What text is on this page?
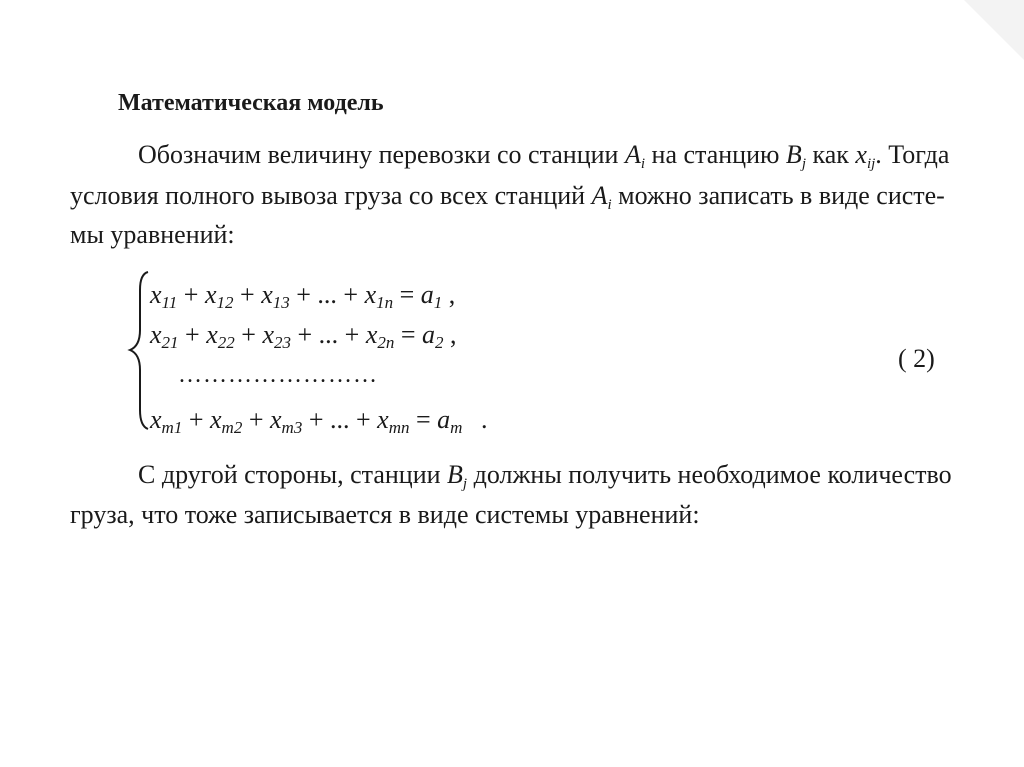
Математическая модель
Обозначим величину перевозки со станции $A_i$ на станцию $B_j$ как $x_{ij}$. Тогда
условия полного вывоза груза со всех станций $A_i$ можно записать в виде систе-
мы уравнений:
$x_{11} + x_{12} + x_{13}$ + ... + $x_{1n} = a_1$ ,
$x_{21} + x_{22} + x_{23}$ + ... + $x_{2n} = a_2$ ,
……………………
$x_{m1} + x_{m2} + x_{m3}$ + ... + $x_{mn} = a_m$ .
( 2)
С другой стороны, станции $B_j$ должны получить необходимое количество
груза, что тоже записывается в виде системы уравнений:
